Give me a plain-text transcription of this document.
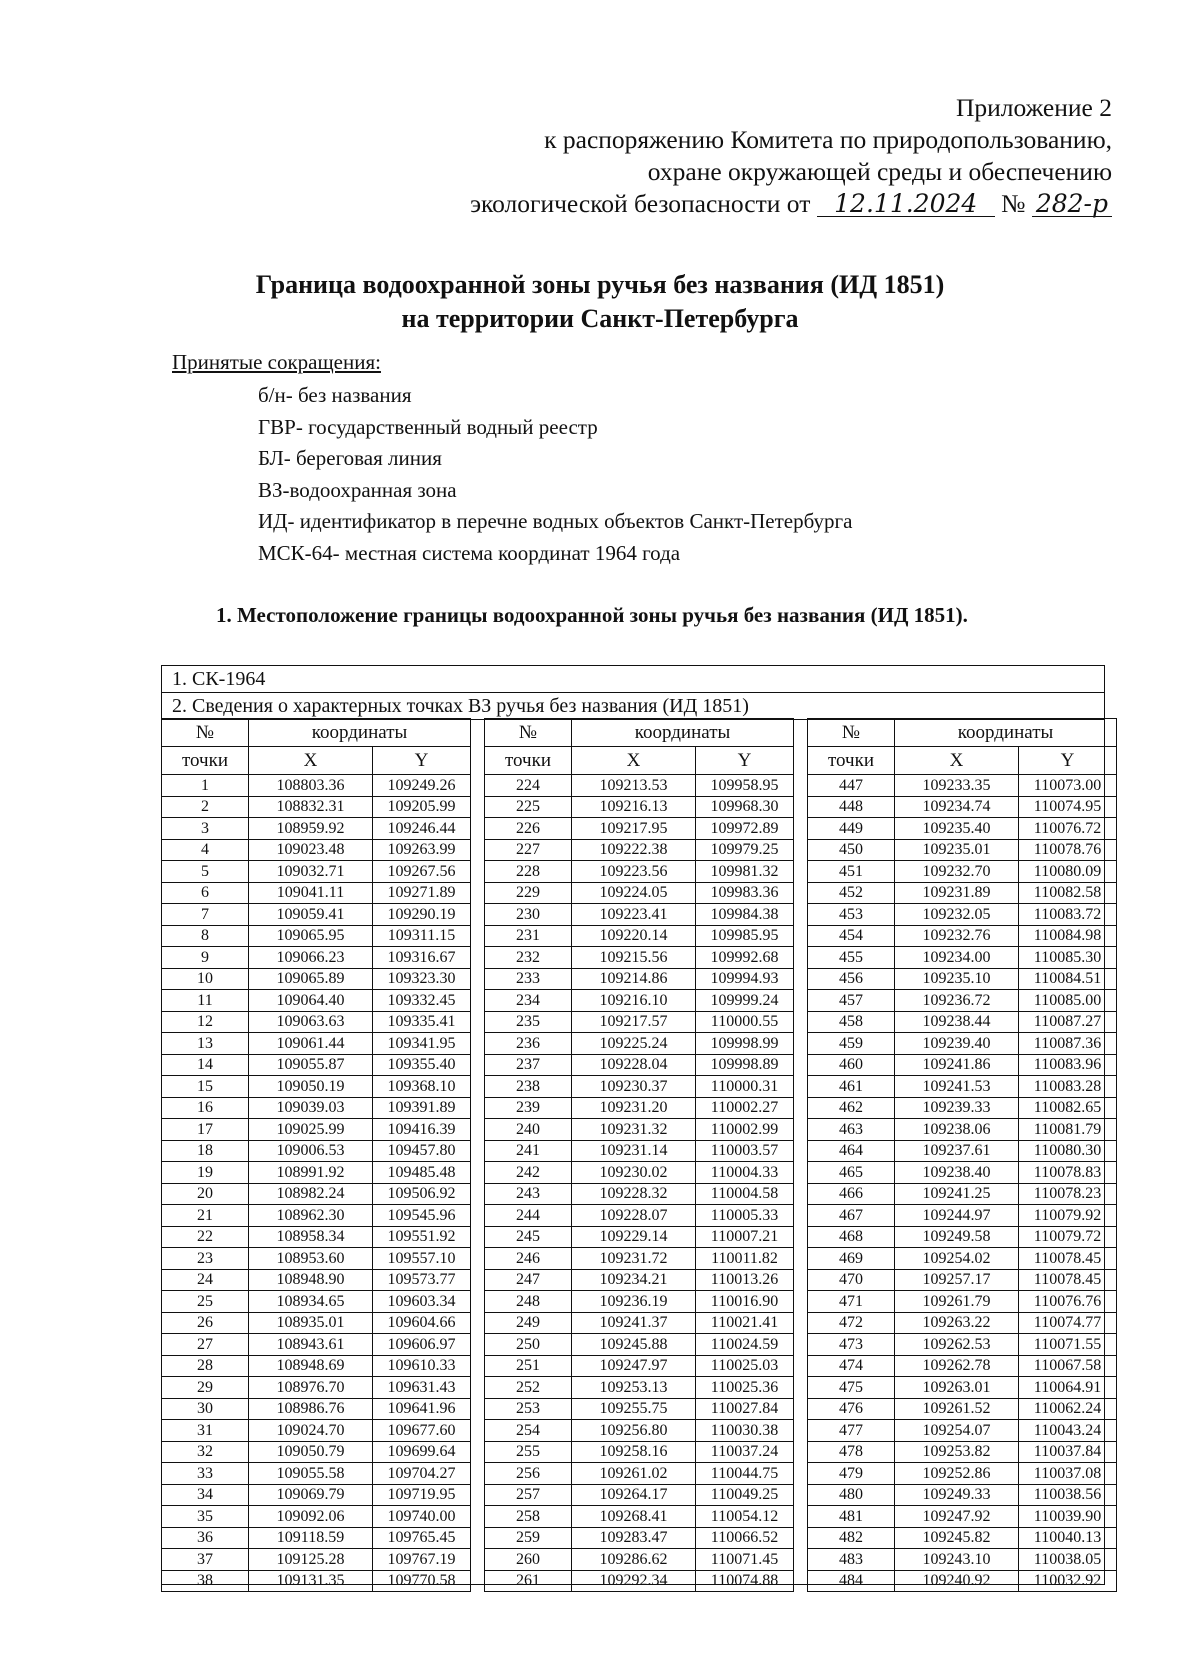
Приложение 2
к распоряжению Комитета по природопользованию,
охране окружающей среды и обеспечению
экологической безопасности от 12.11.2024 № 282-р
Граница водоохранной зоны ручья без названия (ИД 1851)
на территории Санкт-Петербурга
Принятые сокращения:
б/н- без названия
ГВР- государственный водный реестр
БЛ- береговая линия
ВЗ-водоохранная зона
ИД- идентификатор в перечне водных объектов Санкт-Петербурга
МСК-64- местная система координат 1964 года
1. Местоположение границы водоохранной зоны ручья без названия (ИД 1851).
1. СК-1964
2. Сведения о характерных точках ВЗ ручья без названия (ИД 1851)
№	координаты	
точки	X	Y
1	108803.36	109249.26
2	108832.31	109205.99
3	108959.92	109246.44
4	109023.48	109263.99
5	109032.71	109267.56
6	109041.11	109271.89
7	109059.41	109290.19
8	109065.95	109311.15
9	109066.23	109316.67
10	109065.89	109323.30
11	109064.40	109332.45
12	109063.63	109335.41
13	109061.44	109341.95
14	109055.87	109355.40
15	109050.19	109368.10
16	109039.03	109391.89
17	109025.99	109416.39
18	109006.53	109457.80
19	108991.92	109485.48
20	108982.24	109506.92
21	108962.30	109545.96
22	108958.34	109551.92
23	108953.60	109557.10
24	108948.90	109573.77
25	108934.65	109603.34
26	108935.01	109604.66
27	108943.61	109606.97
28	108948.69	109610.33
29	108976.70	109631.43
30	108986.76	109641.96
31	109024.70	109677.60
32	109050.79	109699.64
33	109055.58	109704.27
34	109069.79	109719.95
35	109092.06	109740.00
36	109118.59	109765.45
37	109125.28	109767.19
38	109131.35	109770.58
№	координаты	
точки	X	Y
224	109213.53	109958.95
225	109216.13	109968.30
226	109217.95	109972.89
227	109222.38	109979.25
228	109223.56	109981.32
229	109224.05	109983.36
230	109223.41	109984.38
231	109220.14	109985.95
232	109215.56	109992.68
233	109214.86	109994.93
234	109216.10	109999.24
235	109217.57	110000.55
236	109225.24	109998.99
237	109228.04	109998.89
238	109230.37	110000.31
239	109231.20	110002.27
240	109231.32	110002.99
241	109231.14	110003.57
242	109230.02	110004.33
243	109228.32	110004.58
244	109228.07	110005.33
245	109229.14	110007.21
246	109231.72	110011.82
247	109234.21	110013.26
248	109236.19	110016.90
249	109241.37	110021.41
250	109245.88	110024.59
251	109247.97	110025.03
252	109253.13	110025.36
253	109255.75	110027.84
254	109256.80	110030.38
255	109258.16	110037.24
256	109261.02	110044.75
257	109264.17	110049.25
258	109268.41	110054.12
259	109283.47	110066.52
260	109286.62	110071.45
261	109292.34	110074.88
№	координаты	
точки	X	Y
447	109233.35	110073.00
448	109234.74	110074.95
449	109235.40	110076.72
450	109235.01	110078.76
451	109232.70	110080.09
452	109231.89	110082.58
453	109232.05	110083.72
454	109232.76	110084.98
455	109234.00	110085.30
456	109235.10	110084.51
457	109236.72	110085.00
458	109238.44	110087.27
459	109239.40	110087.36
460	109241.86	110083.96
461	109241.53	110083.28
462	109239.33	110082.65
463	109238.06	110081.79
464	109237.61	110080.30
465	109238.40	110078.83
466	109241.25	110078.23
467	109244.97	110079.92
468	109249.58	110079.72
469	109254.02	110078.45
470	109257.17	110078.45
471	109261.79	110076.76
472	109263.22	110074.77
473	109262.53	110071.55
474	109262.78	110067.58
475	109263.01	110064.91
476	109261.52	110062.24
477	109254.07	110043.24
478	109253.82	110037.84
479	109252.86	110037.08
480	109249.33	110038.56
481	109247.92	110039.90
482	109245.82	110040.13
483	109243.10	110038.05
484	109240.92	110032.92
